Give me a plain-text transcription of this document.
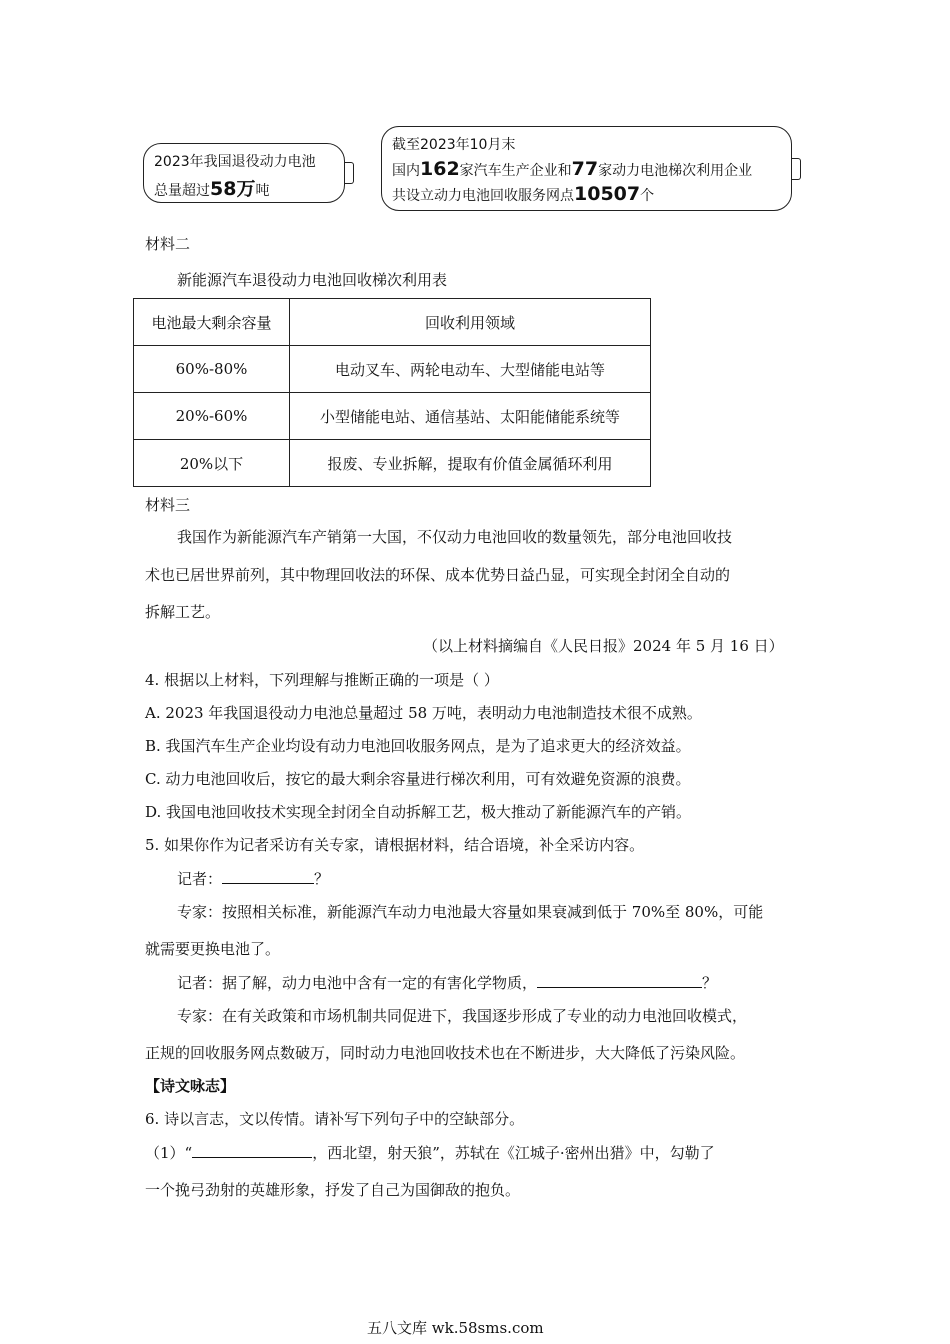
2023年我国退役动力电池
总量超过58万吨
截至2023年10月末
国内162家汽车生产企业和77家动力电池梯次利用企业
共设立动力电池回收服务网点10507个
材料二
新能源汽车退役动力电池回收梯次利用表
电池最大剩余容量	回收利用领域
60%-80%	电动叉车、两轮电动车、大型储能电站等
20%-60%	小型储能电站、通信基站、太阳能储能系统等
20%以下	报废、专业拆解，提取有价值金属循环利用
材料三
我国作为新能源汽车产销第一大国，不仅动力电池回收的数量领先，部分电池回收技
术也已居世界前列，其中物理回收法的环保、成本优势日益凸显，可实现全封闭全自动的
拆解工艺。
（以上材料摘编自《人民日报》2024 年 5 月 16 日）
4. 根据以上材料，下列理解与推断正确的一项是（ ）
A. 2023 年我国退役动力电池总量超过 58 万吨，表明动力电池制造技术很不成熟。
B. 我国汽车生产企业均设有动力电池回收服务网点，是为了追求更大的经济效益。
C. 动力电池回收后，按它的最大剩余容量进行梯次利用，可有效避免资源的浪费。
D. 我国电池回收技术实现全封闭全自动拆解工艺，极大推动了新能源汽车的产销。
5. 如果你作为记者采访有关专家，请根据材料，结合语境，补全采访内容。
记者：	？
专家：按照相关标准，新能源汽车动力电池最大容量如果衰减到低于 70%至 80%，可能
就需要更换电池了。
记者：据了解，动力电池中含有一定的有害化学物质，	？
专家：在有关政策和市场机制共同促进下，我国逐步形成了专业的动力电池回收模式，
正规的回收服务网点数破万，同时动力电池回收技术也在不断进步，大大降低了污染风险。
【诗文咏志】
6. 诗以言志，文以传情。请补写下列句子中的空缺部分。
（1）“	，西北望，射天狼”，苏轼在《江城子·密州出猎》中，勾勒了
一个挽弓劲射的英雄形象，抒发了自己为国御敌的抱负。
五八文库 wk.58sms.com
